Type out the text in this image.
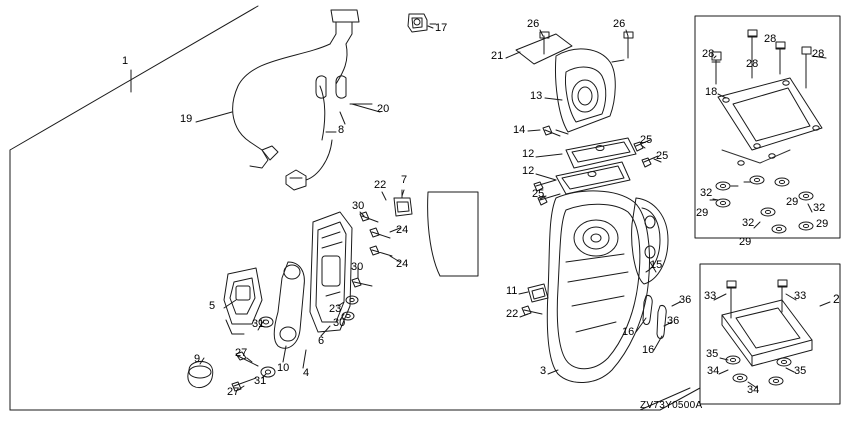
1
2
3
4
5
6
7
8
9
10
11
12
12
13
14
15
16
16
17
18
19
20
21
22
22
23
24
24
25
25
25
26	26
27
27
28
28
28
28
29
29
29
29
30
30
30
31
31
32
32
32
33	33
34
34
35
35
36
36
ZV73Y0500A
